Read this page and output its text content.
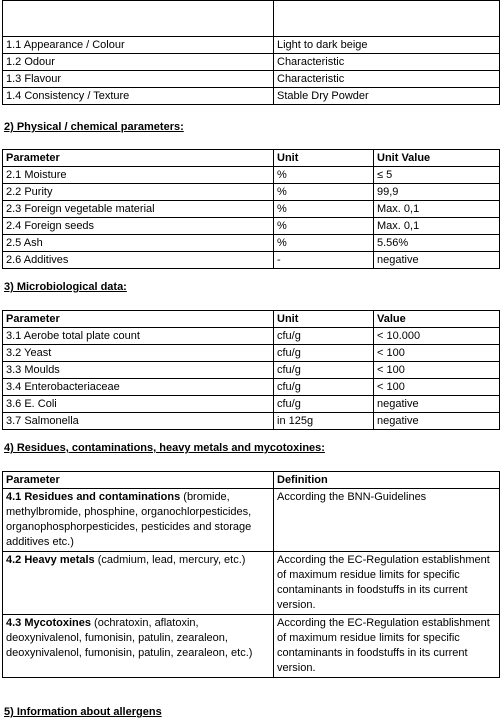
1.1 Appearance / Colour	Light to dark beige
1.2 Odour	Characteristic
1.3 Flavour	Characteristic
1.4 Consistency / Texture	Stable Dry Powder
2) Physical / chemical parameters:
Parameter	Unit	Unit Value
2.1 Moisture	%	≤ 5
2.2 Purity	%	99,9
2.3 Foreign vegetable material	%	Max. 0,1
2.4 Foreign seeds	%	Max. 0,1
2.5 Ash	%	5.56%
2.6 Additives	-	negative
3) Microbiological data:
Parameter	Unit	Value
3.1 Aerobe total plate count	cfu/g	< 10.000
3.2 Yeast	cfu/g	< 100
3.3 Moulds	cfu/g	< 100
3.4 Enterobacteriaceae	cfu/g	< 100
3.6 E. Coli	cfu/g	negative
3.7 Salmonella	in 125g	negative
4) Residues, contaminations, heavy metals and mycotoxines:
Parameter	Definition
4.1 Residues and contaminations (bromide, methylbromide, phosphine, organochlorpesticides, organophosphorpesticides, pesticides and storage additives etc.)	According the BNN-Guidelines
4.2 Heavy metals (cadmium, lead, mercury, etc.)	According the EC-Regulation establishment of maximum residue limits for specific contaminants in foodstuffs in its current version.
4.3 Mycotoxines (ochratoxin, aflatoxin, deoxynivalenol, fumonisin, patulin, zearaleon, deoxynivalenol, fumonisin, patulin, zearaleon, etc.)	According the EC-Regulation establishment of maximum residue limits for specific contaminants in foodstuffs in its current version.
5) Information about allergens
